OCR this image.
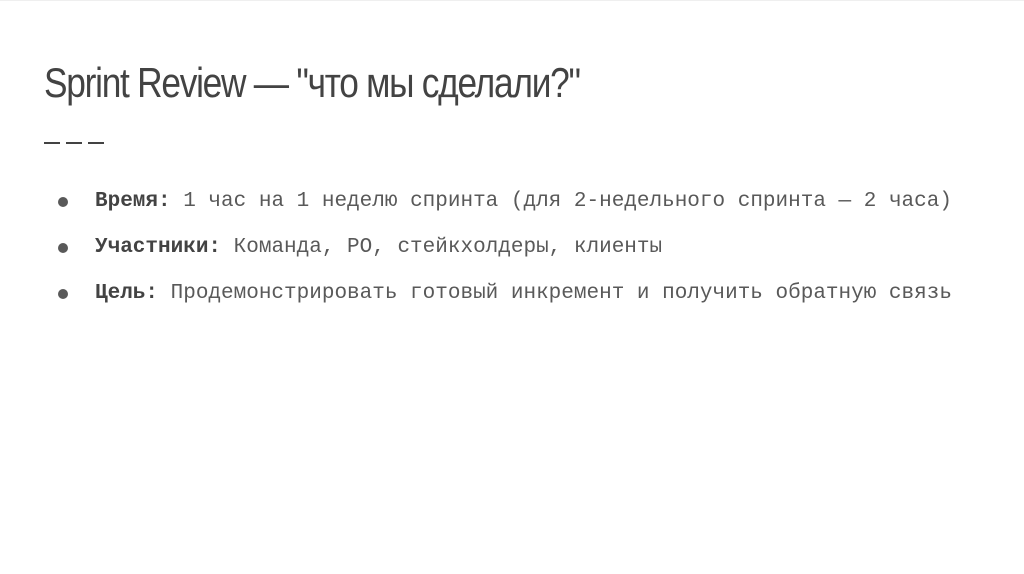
Sprint Review — "что мы сделали?"
Время: 1 час на 1 неделю спринта (для 2-недельного спринта — 2 часа)
Участники: Команда, PO, стейкхолдеры, клиенты
Цель: Продемонстрировать готовый инкремент и получить обратную связь
